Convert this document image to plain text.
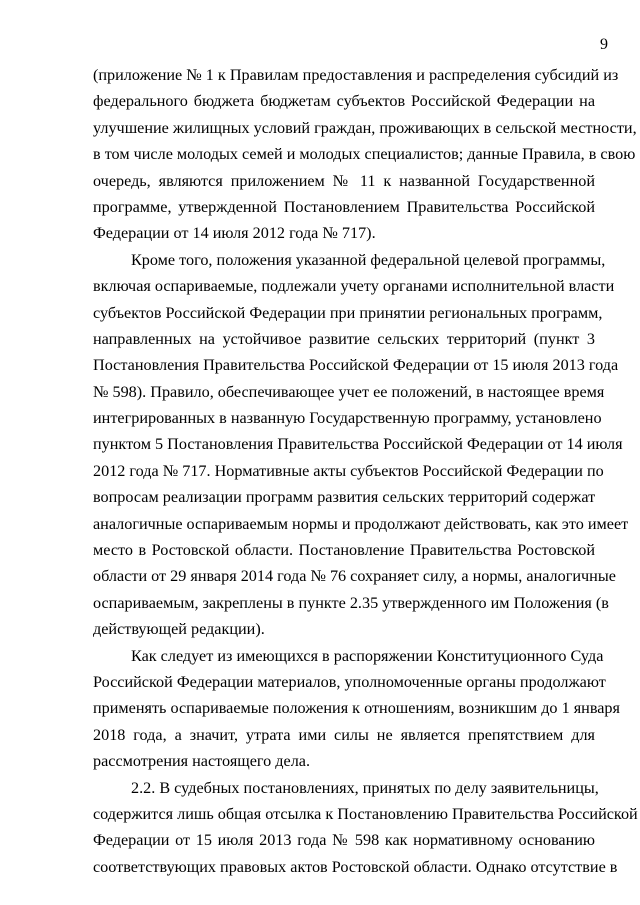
9
(приложение № 1 к Правилам предоставления и распределения субсидий из
федерального бюджета бюджетам субъектов Российской Федерации на
улучшение жилищных условий граждан, проживающих в сельской местности,
в том числе молодых семей и молодых специалистов; данные Правила, в свою
очередь, являются приложением № 11 к названной Государственной
программе, утвержденной Постановлением Правительства Российской
Федерации от 14 июля 2012 года № 717).
Кроме того, положения указанной федеральной целевой программы,
включая оспариваемые, подлежали учету органами исполнительной власти
субъектов Российской Федерации при принятии региональных программ,
направленных на устойчивое развитие сельских территорий (пункт 3
Постановления Правительства Российской Федерации от 15 июля 2013 года
№ 598). Правило, обеспечивающее учет ее положений, в настоящее время
интегрированных в названную Государственную программу, установлено
пунктом 5 Постановления Правительства Российской Федерации от 14 июля
2012 года № 717. Нормативные акты субъектов Российской Федерации по
вопросам реализации программ развития сельских территорий содержат
аналогичные оспариваемым нормы и продолжают действовать, как это имеет
место в Ростовской области. Постановление Правительства Ростовской
области от 29 января 2014 года № 76 сохраняет силу, а нормы, аналогичные
оспариваемым, закреплены в пункте 2.35 утвержденного им Положения (в
действующей редакции).
Как следует из имеющихся в распоряжении Конституционного Суда
Российской Федерации материалов, уполномоченные органы продолжают
применять оспариваемые положения к отношениям, возникшим до 1 января
2018 года, а значит, утрата ими силы не является препятствием для
рассмотрения настоящего дела.
2.2. В судебных постановлениях, принятых по делу заявительницы,
содержится лишь общая отсылка к Постановлению Правительства Российской
Федерации от 15 июля 2013 года № 598 как нормативному основанию
соответствующих правовых актов Ростовской области. Однако отсутствие в
